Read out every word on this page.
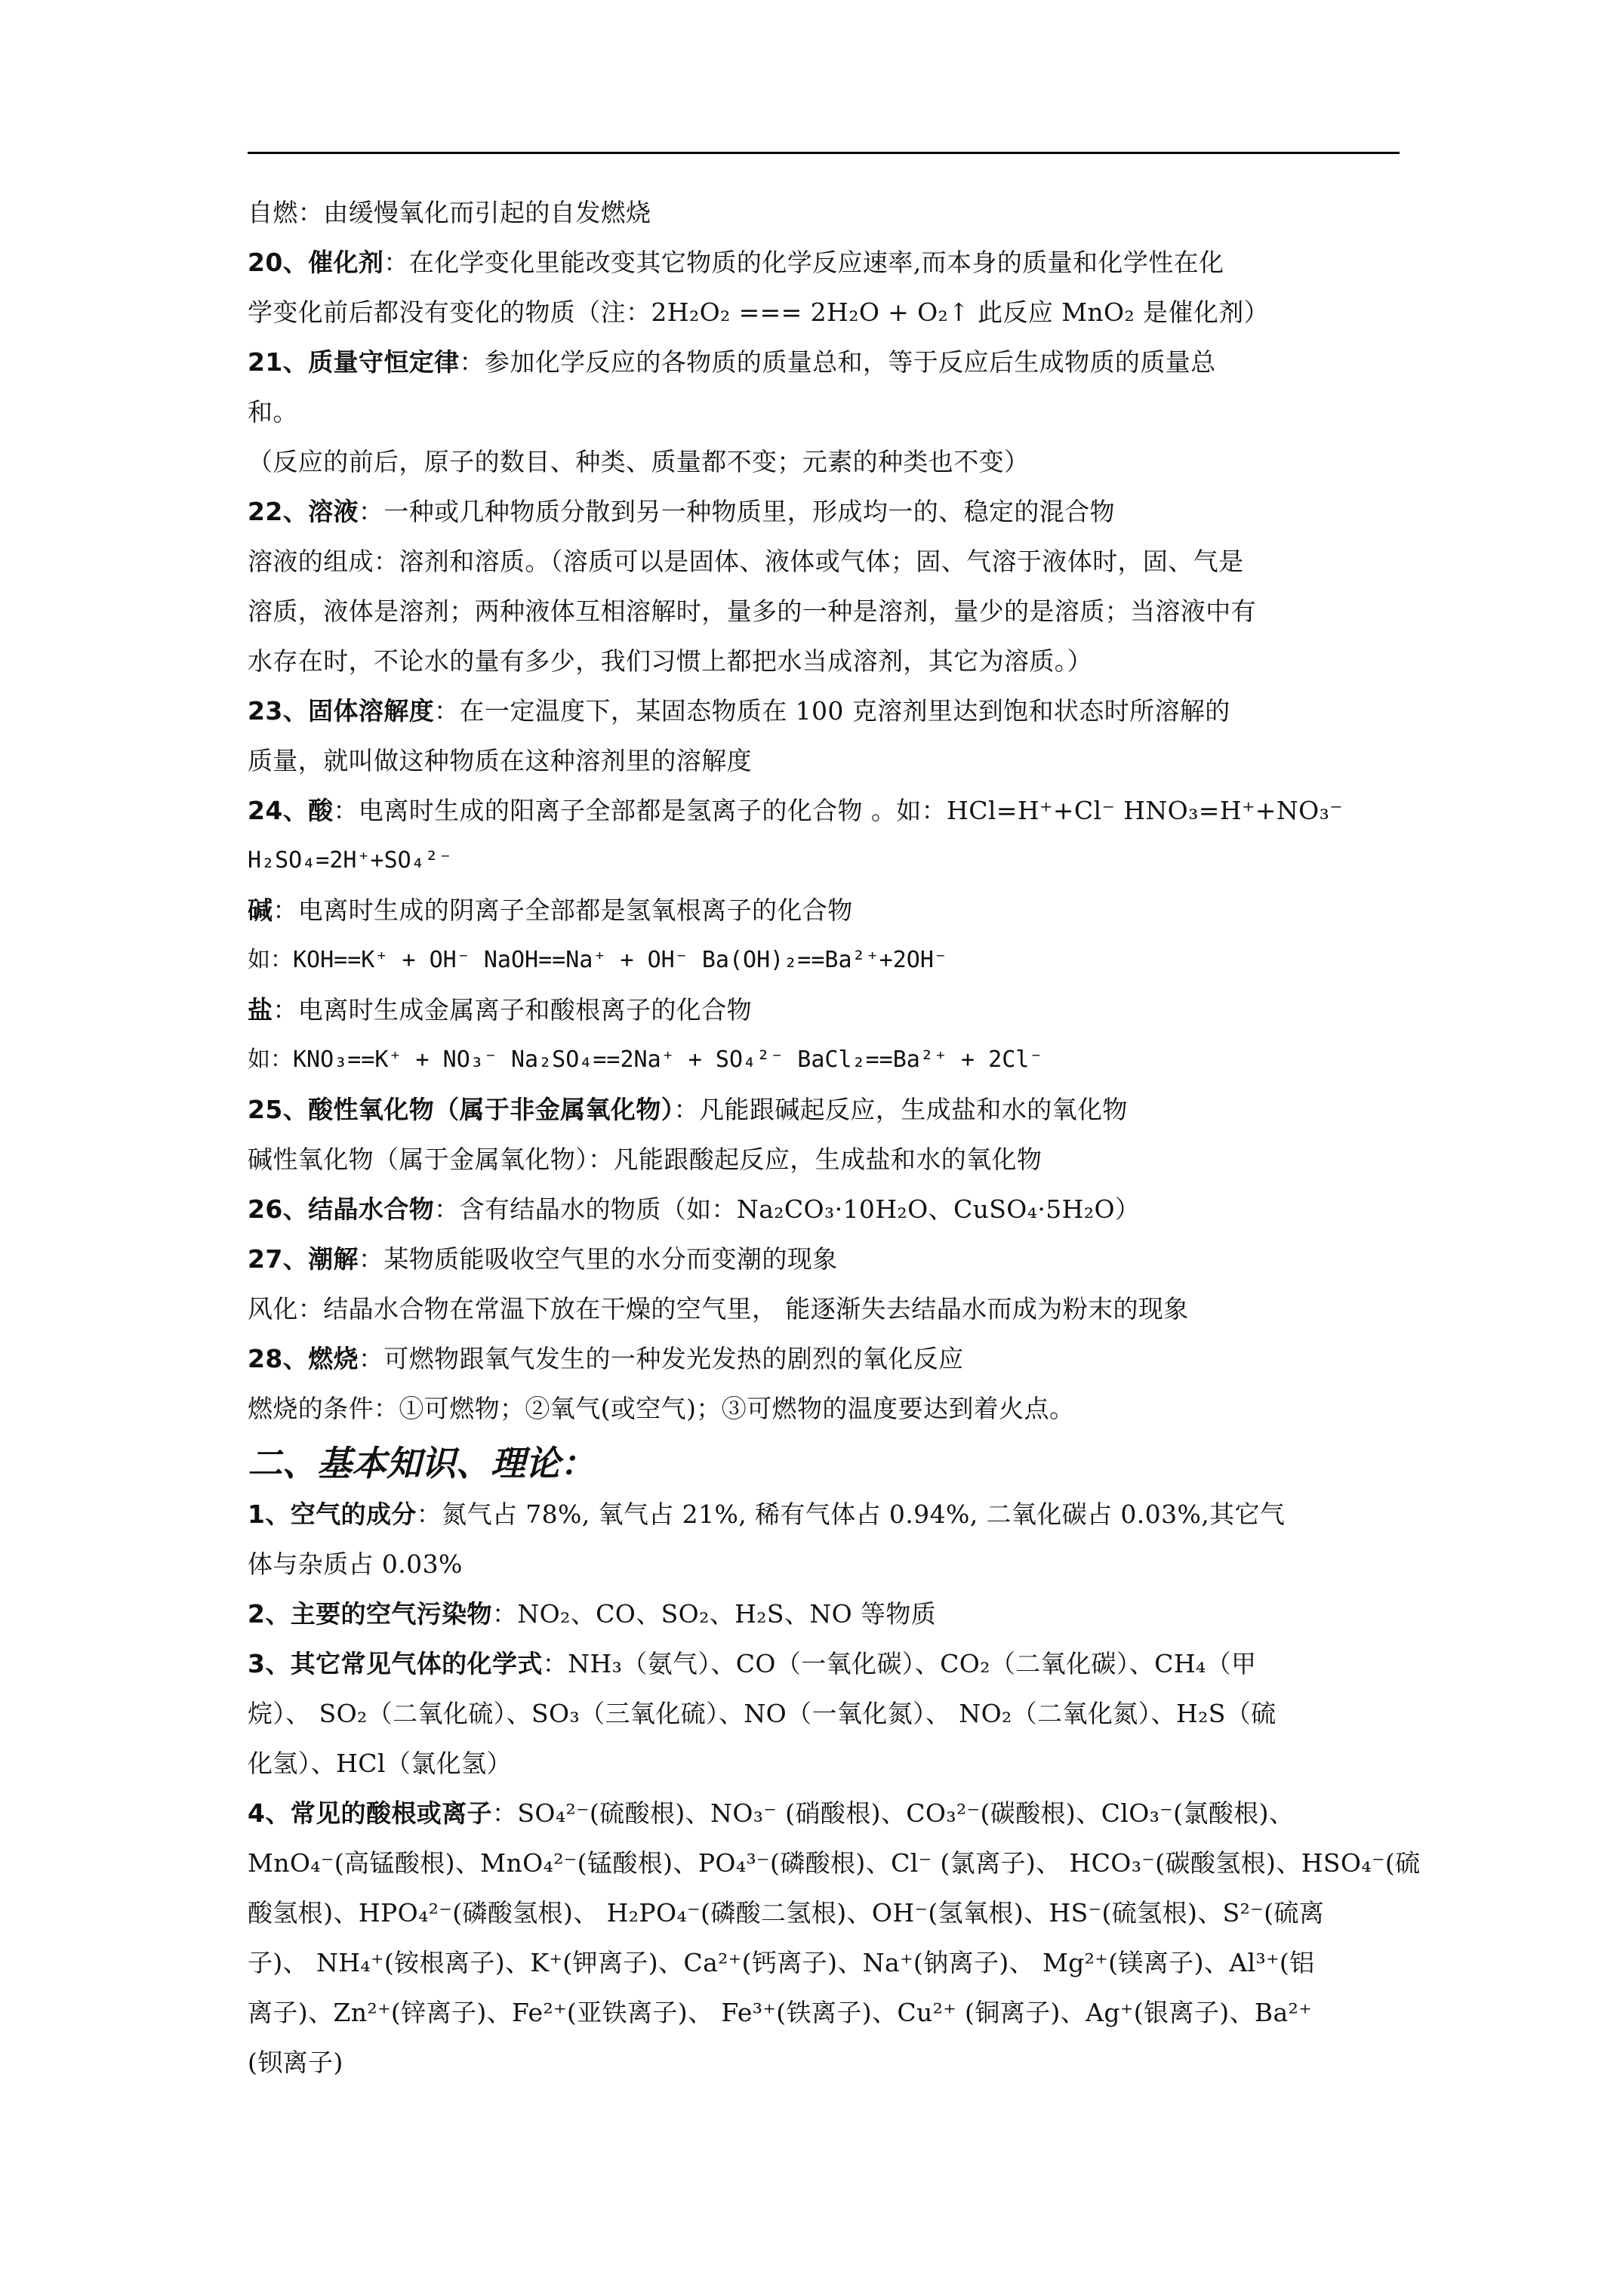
自燃：由缓慢氧化而引起的自发燃烧
20、催化剂：在化学变化里能改变其它物质的化学反应速率,而本身的质量和化学性在化
学变化前后都没有变化的物质（注：2H₂O₂ === 2H₂O + O₂↑ 此反应 MnO₂ 是催化剂）
21、质量守恒定律：参加化学反应的各物质的质量总和，等于反应后生成物质的质量总
和。
（反应的前后，原子的数目、种类、质量都不变；元素的种类也不变）
22、溶液：一种或几种物质分散到另一种物质里，形成均一的、稳定的混合物
溶液的组成：溶剂和溶质。（溶质可以是固体、液体或气体；固、气溶于液体时，固、气是
溶质，液体是溶剂；两种液体互相溶解时，量多的一种是溶剂，量少的是溶质；当溶液中有
水存在时，不论水的量有多少，我们习惯上都把水当成溶剂，其它为溶质。）
23、固体溶解度：在一定温度下，某固态物质在 100 克溶剂里达到饱和状态时所溶解的
质量，就叫做这种物质在这种溶剂里的溶解度
24、酸：电离时生成的阳离子全部都是氢离子的化合物 。如：HCl=H⁺+Cl⁻ HNO₃=H⁺+NO₃⁻
H₂SO₄=2H⁺+SO₄²⁻
碱：电离时生成的阴离子全部都是氢氧根离子的化合物
如：KOH==K⁺ + OH⁻ NaOH==Na⁺ + OH⁻ Ba(OH)₂==Ba²⁺+2OH⁻
盐：电离时生成金属离子和酸根离子的化合物
如：KNO₃==K⁺ + NO₃⁻ Na₂SO₄==2Na⁺ + SO₄²⁻ BaCl₂==Ba²⁺ + 2Cl⁻
25、酸性氧化物（属于非金属氧化物）：凡能跟碱起反应，生成盐和水的氧化物
碱性氧化物（属于金属氧化物）：凡能跟酸起反应，生成盐和水的氧化物
26、结晶水合物：含有结晶水的物质（如：Na₂CO₃·10H₂O、CuSO₄·5H₂O）
27、潮解：某物质能吸收空气里的水分而变潮的现象
风化：结晶水合物在常温下放在干燥的空气里， 能逐渐失去结晶水而成为粉末的现象
28、燃烧：可燃物跟氧气发生的一种发光发热的剧烈的氧化反应
燃烧的条件：①可燃物；②氧气(或空气)；③可燃物的温度要达到着火点。
二、基本知识、理论：
1、空气的成分：氮气占 78%, 氧气占 21%, 稀有气体占 0.94%, 二氧化碳占 0.03%,其它气
体与杂质占 0.03%
2、主要的空气污染物：NO₂、CO、SO₂、H₂S、NO 等物质
3、其它常见气体的化学式：NH₃（氨气）、CO（一氧化碳）、CO₂（二氧化碳）、CH₄（甲
烷）、 SO₂（二氧化硫）、SO₃（三氧化硫）、NO（一氧化氮）、 NO₂（二氧化氮）、H₂S（硫
化氢）、HCl（氯化氢）
4、常见的酸根或离子：SO₄²⁻(硫酸根)、NO₃⁻ (硝酸根)、CO₃²⁻(碳酸根)、ClO₃⁻(氯酸根)、
MnO₄⁻(高锰酸根)、MnO₄²⁻(锰酸根)、PO₄³⁻(磷酸根)、Cl⁻ (氯离子)、 HCO₃⁻(碳酸氢根)、HSO₄⁻(硫
酸氢根)、HPO₄²⁻(磷酸氢根)、 H₂PO₄⁻(磷酸二氢根)、OH⁻(氢氧根)、HS⁻(硫氢根)、S²⁻(硫离
子)、 NH₄⁺(铵根离子)、K⁺(钾离子)、Ca²⁺(钙离子)、Na⁺(钠离子)、 Mg²⁺(镁离子)、Al³⁺(铝
离子)、Zn²⁺(锌离子)、Fe²⁺(亚铁离子)、 Fe³⁺(铁离子)、Cu²⁺ (铜离子)、Ag⁺(银离子)、Ba²⁺
(钡离子)
